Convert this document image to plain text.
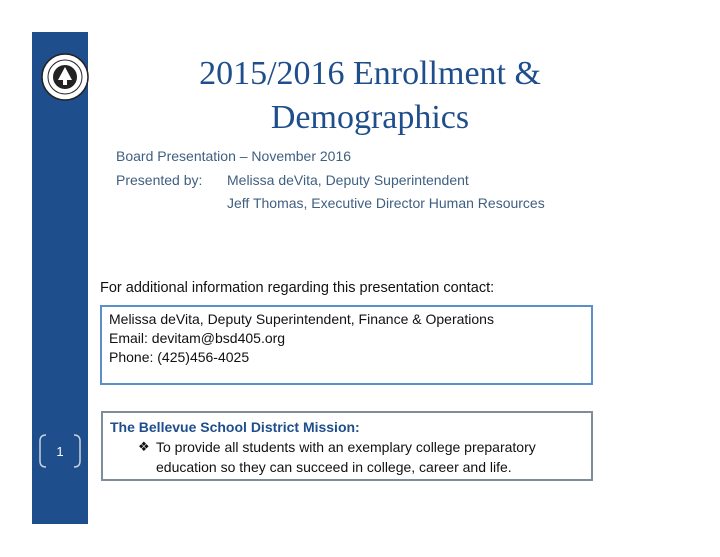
2015/2016 Enrollment &
Demographics
Board Presentation – November 2016
Presented by: Melissa deVita, Deputy Superintendent
Jeff Thomas, Executive Director Human Resources
For additional information regarding this presentation contact:
Melissa deVita, Deputy Superintendent, Finance & Operations
Email: devitam@bsd405.org
Phone: (425)456-4025
The Bellevue School District Mission:
❖ To provide all students with an exemplary college preparatory
education so they can succeed in college, career and life.
1
